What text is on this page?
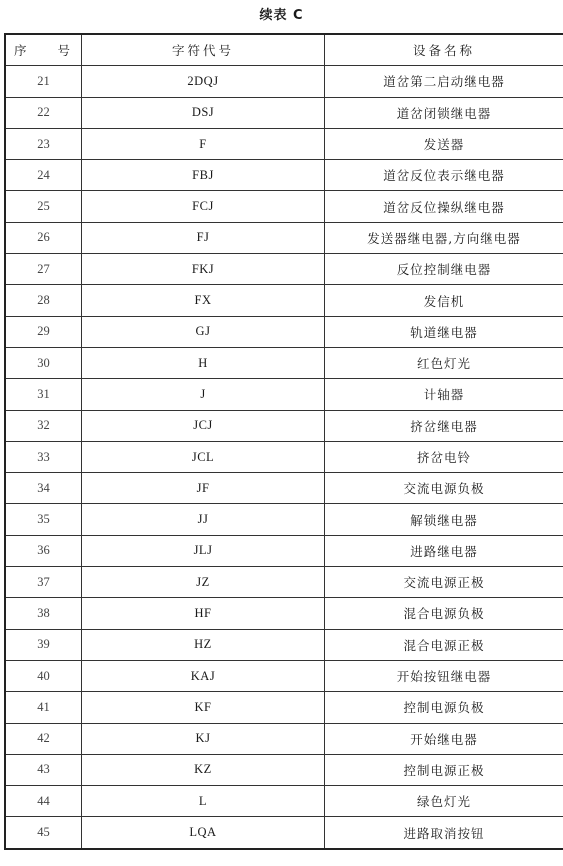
续表 C
序 号	字符代号	设备名称
21	2DQJ	道岔第二启动继电器
22	DSJ	道岔闭锁继电器
23	F	发送器
24	FBJ	道岔反位表示继电器
25	FCJ	道岔反位操纵继电器
26	FJ	发送器继电器,方向继电器
27	FKJ	反位控制继电器
28	FX	发信机
29	GJ	轨道继电器
30	H	红色灯光
31	J	计轴器
32	JCJ	挤岔继电器
33	JCL	挤岔电铃
34	JF	交流电源负极
35	JJ	解锁继电器
36	JLJ	进路继电器
37	JZ	交流电源正极
38	HF	混合电源负极
39	HZ	混合电源正极
40	KAJ	开始按钮继电器
41	KF	控制电源负极
42	KJ	开始继电器
43	KZ	控制电源正极
44	L	绿色灯光
45	LQA	进路取消按钮
